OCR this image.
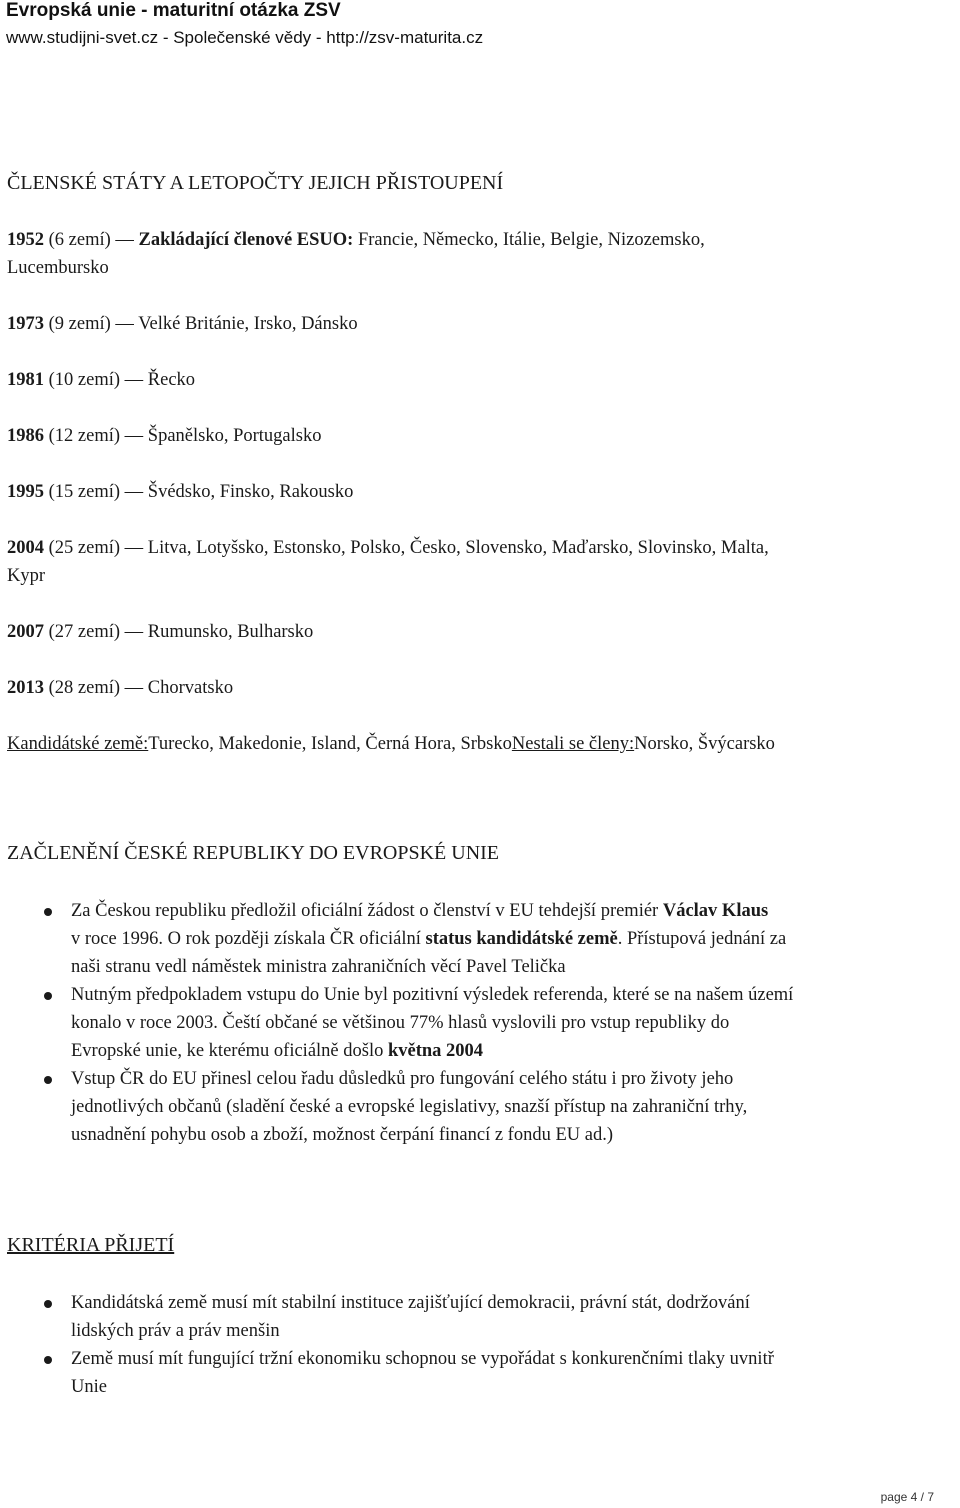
Evropská unie - maturitní otázka ZSV
www.studijni-svet.cz - Společenské vědy - http://zsv-maturita.cz
ČLENSKÉ STÁTY A LETOPOČTY JEJICH PŘISTOUPENÍ
1952 (6 zemí) — Zakládající členové ESUO: Francie, Německo, Itálie, Belgie, Nizozemsko,
Lucembursko
1973 (9 zemí) — Velké Británie, Irsko, Dánsko
1981 (10 zemí) — Řecko
1986 (12 zemí) — Španělsko, Portugalsko
1995 (15 zemí) — Švédsko, Finsko, Rakousko
2004 (25 zemí) — Litva, Lotyšsko, Estonsko, Polsko, Česko, Slovensko, Maďarsko, Slovinsko, Malta,
Kypr
2007 (27 zemí) — Rumunsko, Bulharsko
2013 (28 zemí) — Chorvatsko
Kandidátské země:Turecko, Makedonie, Island, Černá Hora, SrbskoNestali se členy:Norsko, Švýcarsko
ZAČLENĚNÍ ČESKÉ REPUBLIKY DO EVROPSKÉ UNIE
Za Českou republiku předložil oficiální žádost o členství v EU tehdejší premiér Václav Klaus
v roce 1996. O rok později získala ČR oficiální status kandidátské země. Přístupová jednání za
naši stranu vedl náměstek ministra zahraničních věcí Pavel Telička
Nutným předpokladem vstupu do Unie byl pozitivní výsledek referenda, které se na našem území
konalo v roce 2003. Čeští občané se většinou 77% hlasů vyslovili pro vstup republiky do
Evropské unie, ke kterému oficiálně došlo května 2004
Vstup ČR do EU přinesl celou řadu důsledků pro fungování celého státu i pro životy jeho
jednotlivých občanů (sladění české a evropské legislativy, snazší přístup na zahraniční trhy,
usnadnění pohybu osob a zboží, možnost čerpání financí z fondu EU ad.)
KRITÉRIA PŘIJETÍ
Kandidátská země musí mít stabilní instituce zajišťující demokracii, právní stát, dodržování
lidských práv a práv menšin
Země musí mít fungující tržní ekonomiku schopnou se vypořádat s konkurenčními tlaky uvnitř
Unie
page 4 / 7
